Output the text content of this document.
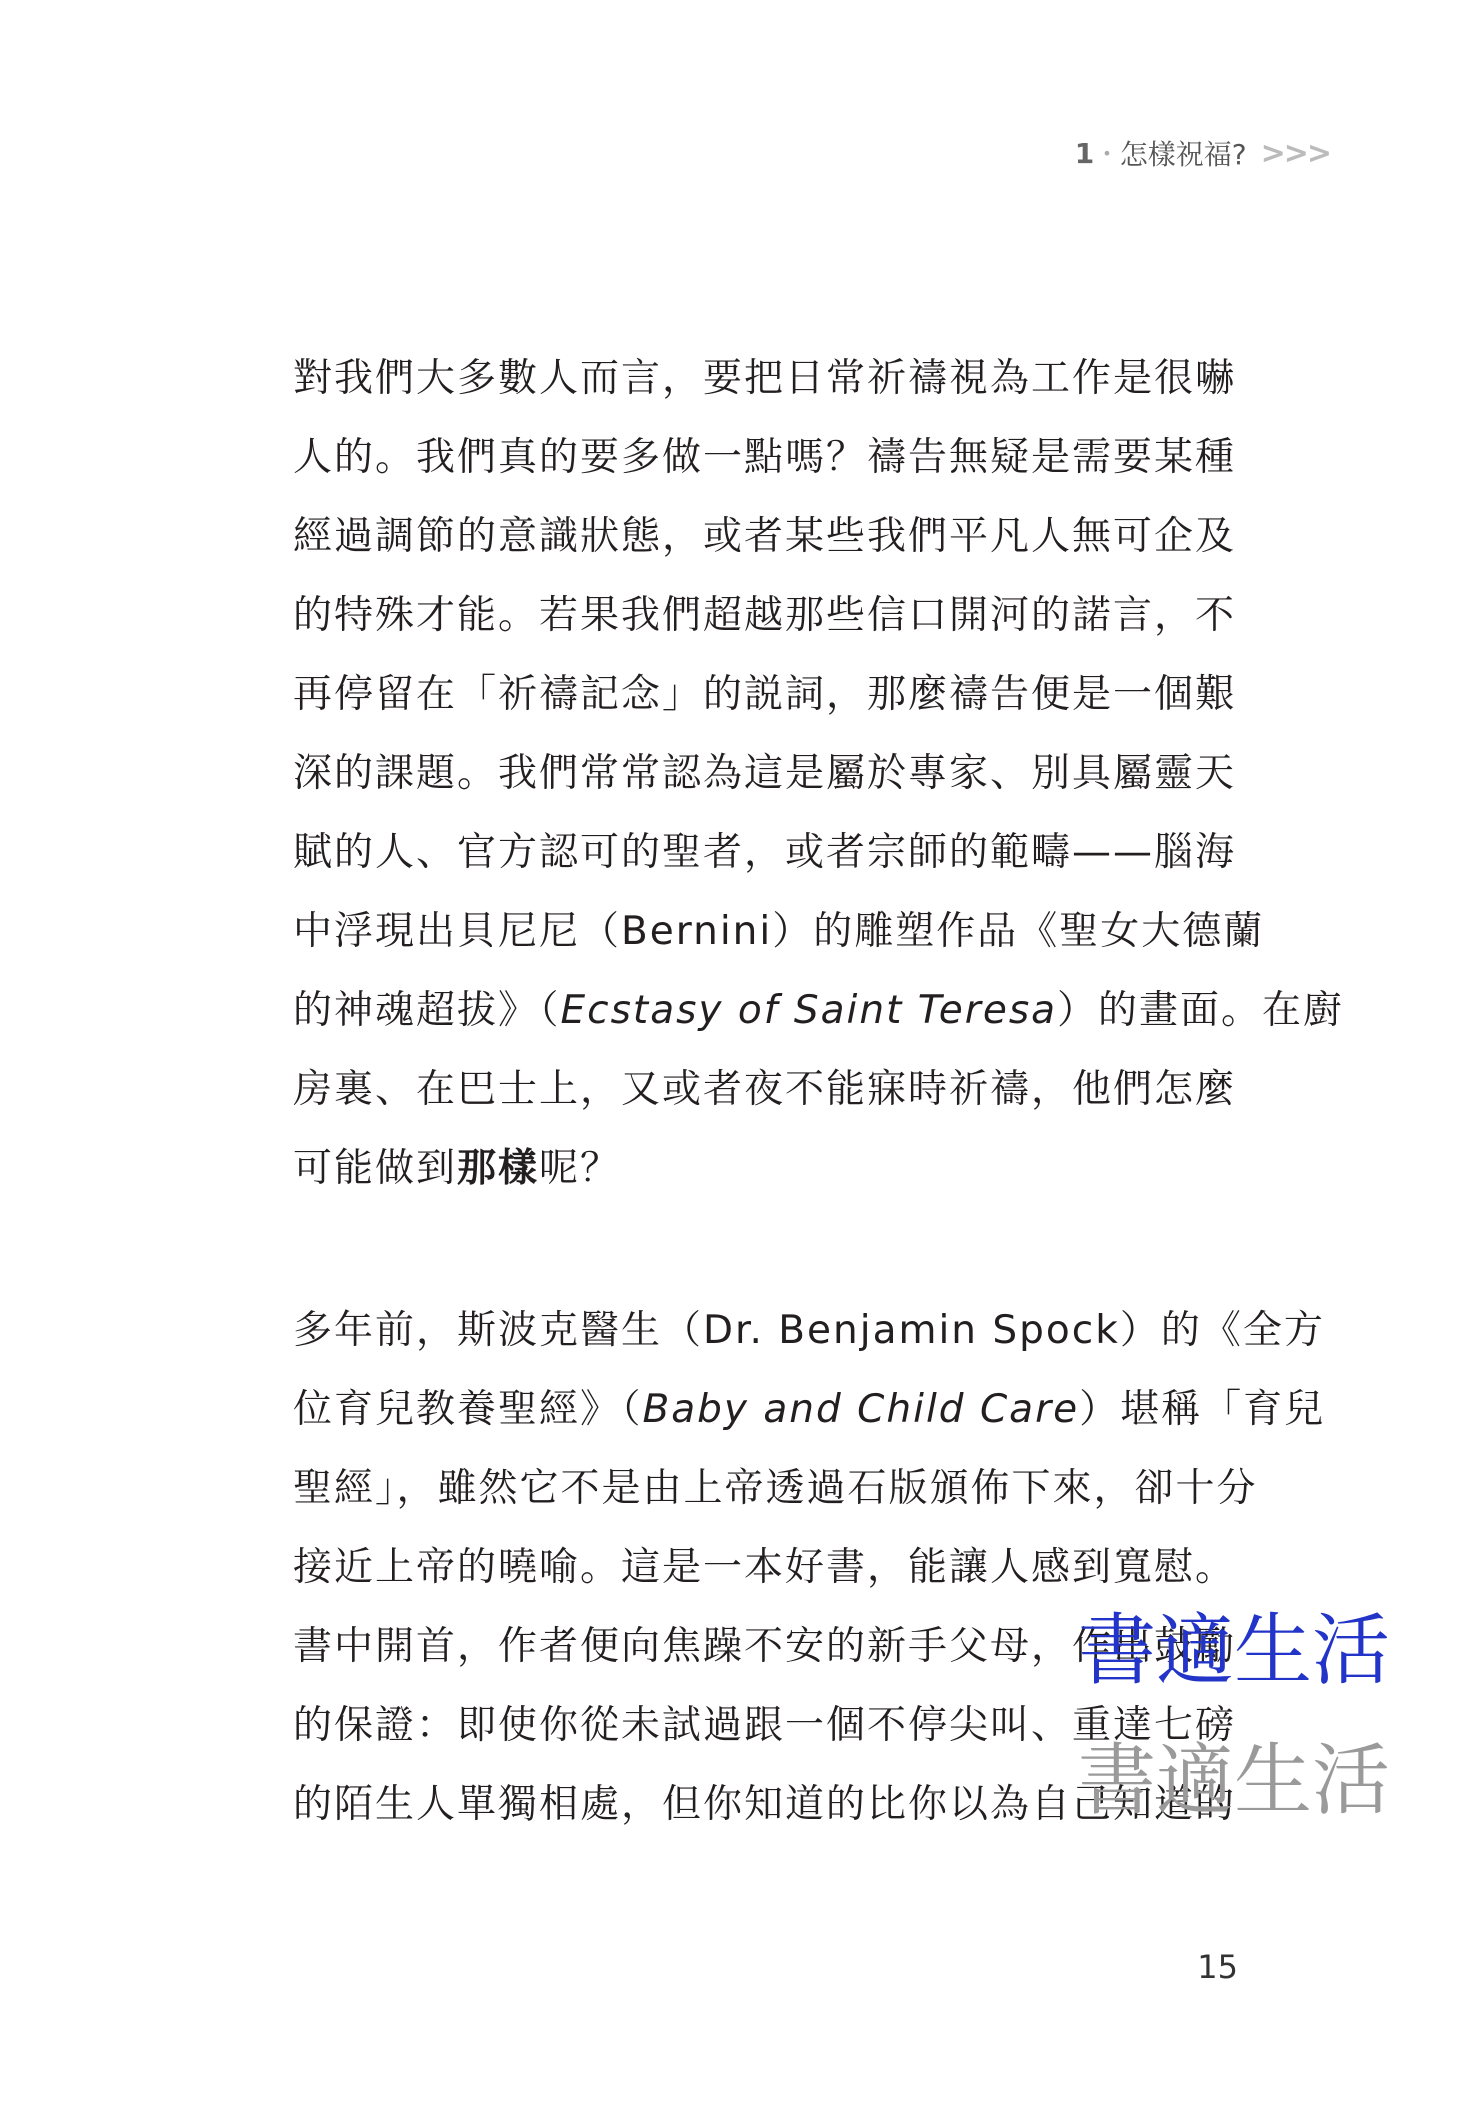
1 • 怎樣祝福? >>>
對我們大多數人而言，要把日常祈禱視為工作是很嚇
人的。我們真的要多做一點嗎？禱告無疑是需要某種
經過調節的意識狀態，或者某些我們平凡人無可企及
的特殊才能。若果我們超越那些信口開河的諾言，不
再停留在「祈禱記念」的説詞，那麼禱告便是一個艱
深的課題。我們常常認為這是屬於專家、別具屬靈天
賦的人、官方認可的聖者，或者宗師的範疇——腦海
中浮現出貝尼尼（Bernini）的雕塑作品《聖女大德蘭
的神魂超拔》（Ecstasy of Saint Teresa）的畫面。在廚
房裏、在巴士上，又或者夜不能寐時祈禱，他們怎麼
可能做到那樣呢？
多年前，斯波克醫生（Dr. Benjamin Spock）的《全方
位育兒教養聖經》（Baby and Child Care）堪稱「育兒
聖經」，雖然它不是由上帝透過石版頒佈下來，卻十分
接近上帝的曉喻。這是一本好書，能讓人感到寬慰。
書中開首，作者便向焦躁不安的新手父母，作出鼓勵
的保證：即使你從未試過跟一個不停尖叫、重達七磅
的陌生人單獨相處，但你知道的比你以為自己知道的
書適生活
書適生活
15
